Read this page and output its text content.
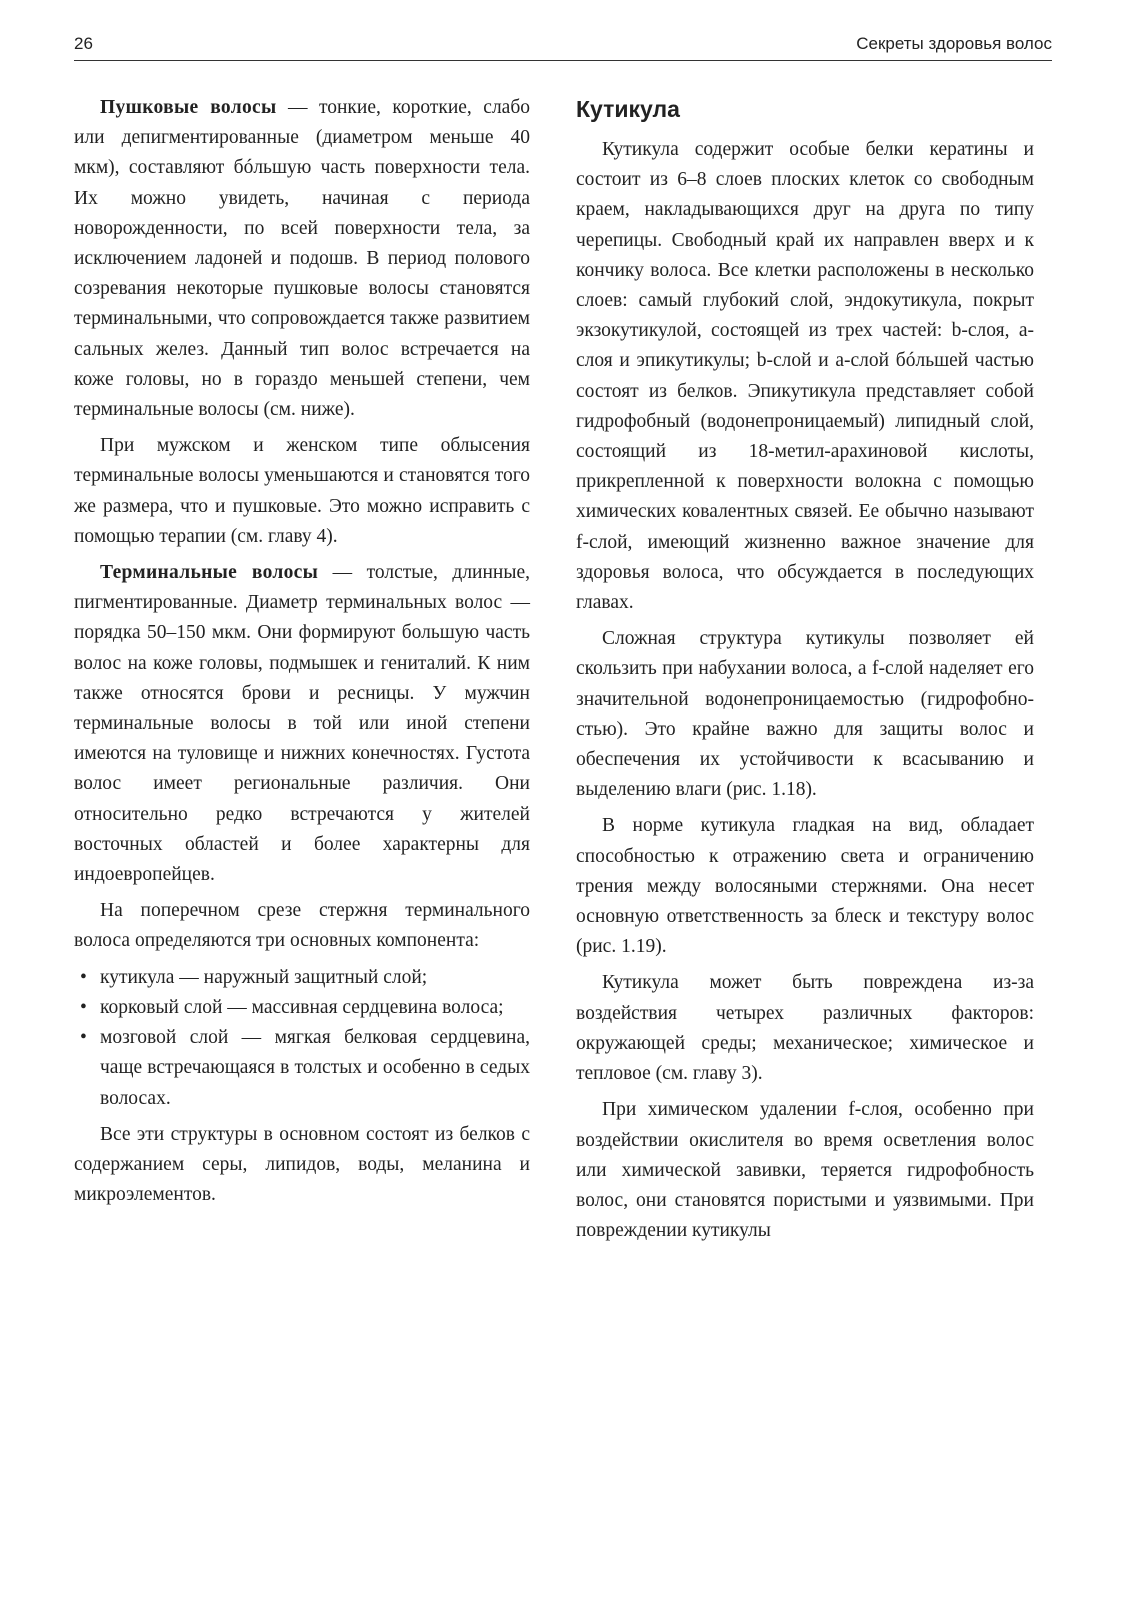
26	Секреты здоровья волос

Пушковые волосы — тонкие, короткие, слабо или депигментированные (диаметром меньше 40 мкм), составляют бóльшую часть поверхности тела. Их можно увидеть, начиная с периода новорожденности, по всей поверхности тела, за исключением ладоней и подошв. В период полового созревания некоторые пушковые волосы становятся терминальными, что сопровождается также развитием сальных желез. Данный тип волос встречается на коже головы, но в гораздо меньшей степени, чем терминальные волосы (см. ниже).

При мужском и женском типе облысения терминальные волосы уменьшаются и становятся того же размера, что и пушковые. Это можно исправить с помощью терапии (см. главу 4).

Терминальные волосы — толстые, длинные, пигментированные. Диаметр терминальных волос — порядка 50–150 мкм. Они формируют большую часть волос на коже головы, подмышек и гениталий. К ним также относятся брови и ресницы. У мужчин терминальные волосы в той или иной степени имеются на туловище и нижних конечностях. Густота волос имеет региональные различия. Они относительно редко встречаются у жителей восточных областей и более характерны для индоевропейцев.

На поперечном срезе стержня терминального волоса определяются три основных компонента:

• кутикула — наружный защитный слой;
• корковый слой — массивная сердцевина волоса;
• мозговой слой — мягкая белковая сердцевина, чаще встречающаяся в толстых и особенно в седых волосах.

Все эти структуры в основном состоят из белков с содержанием серы, липидов, воды, меланина и микроэлементов.

Кутикула

Кутикула содержит особые белки кератины и состоит из 6–8 слоев плоских клеток со свободным краем, накладывающихся друг на друга по типу черепицы. Свободный край их направлен вверх и к кончику волоса. Все клетки расположены в несколько слоев: самый глубокий слой, эндокутикула, покрыт экзокутикулой, состоящей из трех частей: b-слоя, а-слоя и эпикутикулы; b-слой и а-слой бóльшей частью состоят из белков. Эпикутикула представляет собой гидрофобный (водонепроницаемый) липидный слой, состоящий из 18-метил-арахиновой кислоты, прикрепленной к поверхности волокна с помощью химических ковалентных связей. Ее обычно называют f-слой, имеющий жизненно важное значение для здоровья волоса, что обсуждается в последующих главах.

Сложная структура кутикулы позволяет ей скользить при набухании волоса, а f-слой наделяет его значительной водонепроницаемостью (гидрофобностью). Это крайне важно для защиты волос и обеспечения их устойчивости к всасыванию и выделению влаги (рис. 1.18).

В норме кутикула гладкая на вид, обладает способностью к отражению света и ограничению трения между волосяными стержнями. Она несет основную ответственность за блеск и текстуру волос (рис. 1.19).

Кутикула может быть повреждена из-за воздействия четырех различных факторов: окружающей среды; механическое; химическое и тепловое (см. главу 3).

При химическом удалении f-слоя, особенно при воздействии окислителя во время осветления волос или химической завивки, теряется гидрофобность волос, они становятся пористыми и уязвимыми. При повреждении кутикулы
